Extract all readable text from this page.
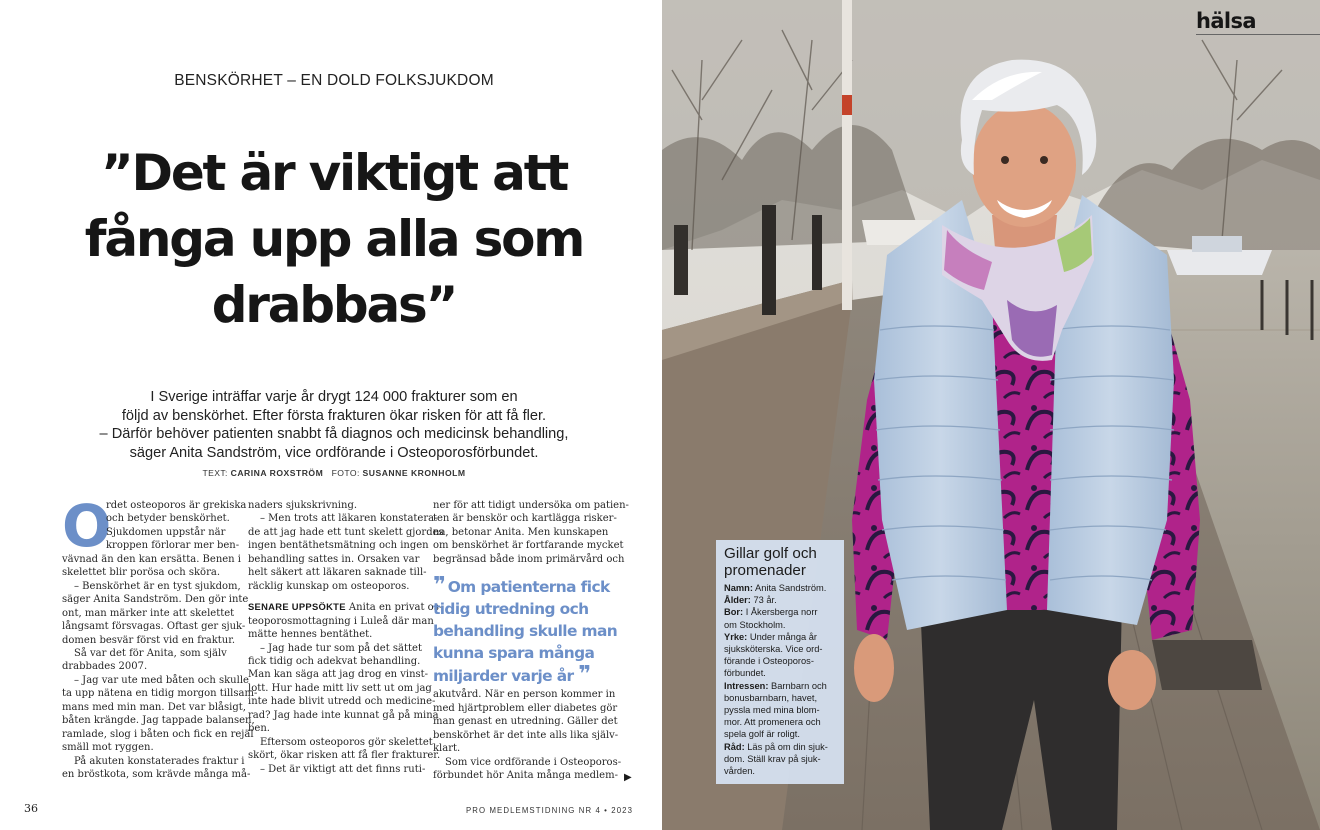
BENSKÖRHET – EN DOLD FOLKSJUKDOM
”Det är viktigt att
fånga upp alla som
drabbas”
I Sverige inträffar varje år drygt 124 000 frakturer som en
följd av benskörhet. Efter första frakturen ökar risken för att få fler.
– Därför behöver patienten snabbt få diagnos och medicinsk behandling,
säger Anita Sandström, vice ordförande i Osteoporosförbundet.
TEXT: CARINA ROXSTRÖM FOTO: SUSANNE KRONHOLM
O
rdet osteoporos är grekiska
och betyder benskörhet.
Sjukdomen uppstår när
kroppen förlorar mer ben-
vävnad än den kan ersätta. Benen i
skelettet blir porösa och sköra.
– Benskörhet är en tyst sjukdom,
säger Anita Sandström. Den gör inte
ont, man märker inte att skelettet
långsamt försvagas. Oftast ger sjuk-
domen besvär först vid en fraktur.
Så var det för Anita, som själv
drabbades 2007.
– Jag var ute med båten och skulle
ta upp nätena en tidig morgon tillsam-
mans med min man. Det var blåsigt,
båten krängde. Jag tappade balansen,
ramlade, slog i båten och fick en rejäl
smäll mot ryggen.
På akuten konstaterades fraktur i
en bröstkota, som krävde många må-
naders sjukskrivning.
– Men trots att läkaren konstatera-
de att jag hade ett tunt skelett gjordes
ingen bentäthetsmätning och ingen
behandling sattes in. Orsaken var
helt säkert att läkaren saknade till-
räcklig kunskap om osteoporos.
SENARE UPPSÖKTE Anita en privat os-
teoporosmottagning i Luleå där man
mätte hennes bentäthet.
– Jag hade tur som på det sättet
fick tidig och adekvat behandling.
Man kan säga att jag drog en vinst-
lott. Hur hade mitt liv sett ut om jag
inte hade blivit utredd och medicine-
rad? Jag hade inte kunnat gå på mina
ben.
Eftersom osteoporos gör skelettet
skört, ökar risken att få fler frakturer.
– Det är viktigt att det finns ruti-
ner för att tidigt undersöka om patien-
ten är benskör och kartlägga risker-
na, betonar Anita. Men kunskapen
om benskörhet är fortfarande mycket
begränsad både inom primärvård och
akutvård. När en person kommer in
med hjärtproblem eller diabetes gör
man genast en utredning. Gäller det
benskörhet är det inte alls lika själv-
klart.
Som vice ordförande i Osteoporos-
förbundet hör Anita många medlem-
❞ Om patienterna fick
tidig utredning och
behandling skulle man
kunna spara många
miljarder varje år ❞
▶
36	PRO MEDLEMSTIDNING NR 4 • 2023
hälsa
Gillar golf och
promenader
Namn: Anita Sandström.
Ålder: 73 år.
Bor: I Åkersberga norr
om Stockholm.
Yrke: Under många år
sjuksköterska. Vice ord-
förande i Osteoporos-
förbundet.
Intressen: Barnbarn och
bonusbarnbarn, havet,
pyssla med mina blom-
mor. Att promenera och
spela golf är roligt.
Råd: Läs på om din sjuk-
dom. Ställ krav på sjuk-
vården.
